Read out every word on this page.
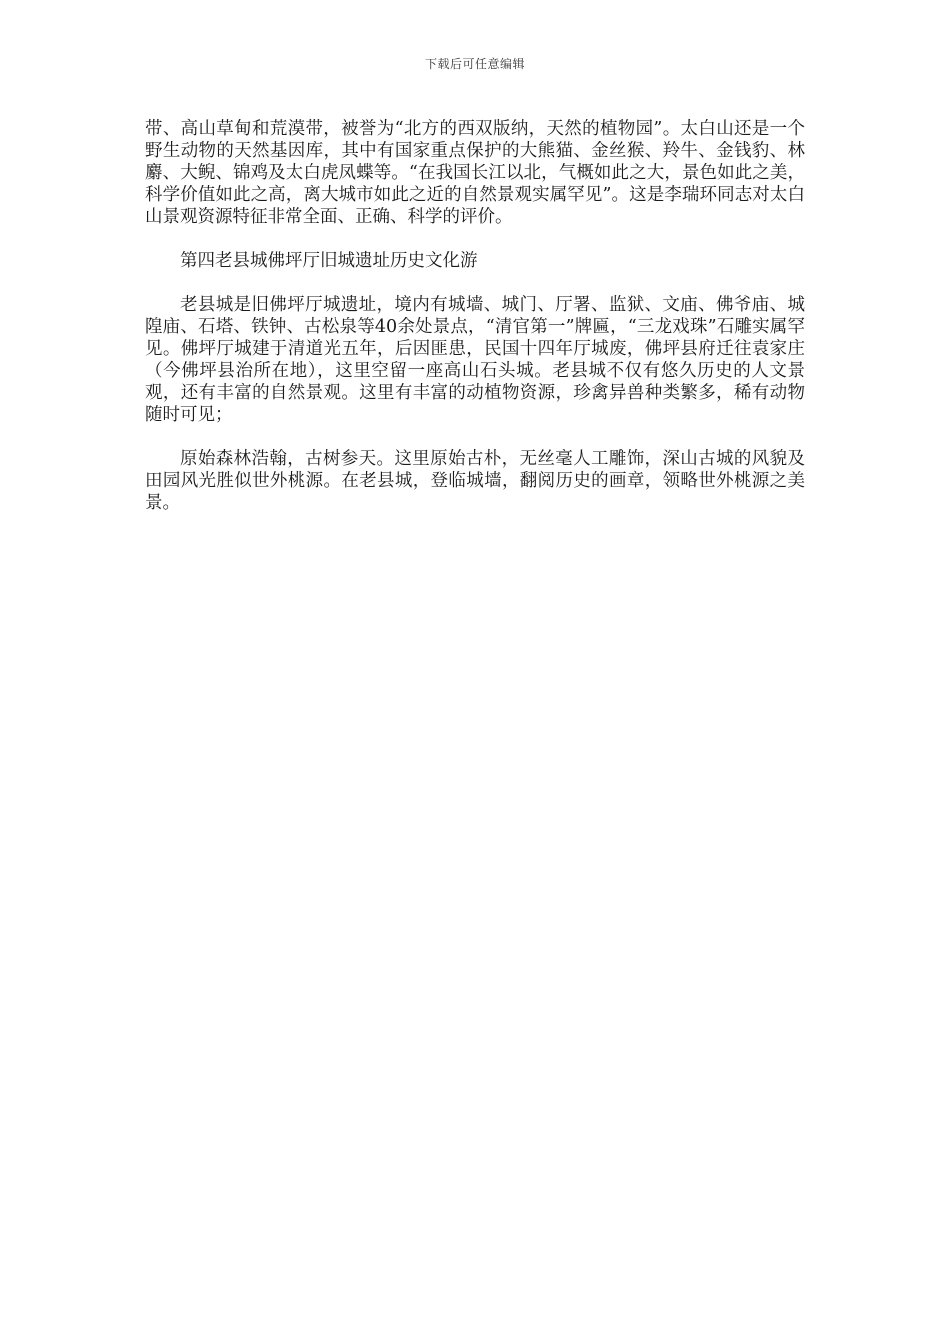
下载后可任意编辑

带、高山草甸和荒漠带，被誉为“北方的西双版纳，天然的植物园”。太白山还是一个野生动物的天然基因库，其中有国家重点保护的大熊猫、金丝猴、羚牛、金钱豹、林麝、大鲵、锦鸡及太白虎凤蝶等。“在我国长江以北，气概如此之大，景色如此之美，科学价值如此之高，离大城市如此之近的自然景观实属罕见”。这是李瑞环同志对太白山景观资源特征非常全面、正确、科学的评价。

第四老县城佛坪厅旧城遗址历史文化游

老县城是旧佛坪厅城遗址，境内有城墙、城门、厅署、监狱、文庙、佛爷庙、城隍庙、石塔、铁钟、古松泉等40余处景点，“清官第一”牌匾，“三龙戏珠”石雕实属罕见。佛坪厅城建于清道光五年，后因匪患，民国十四年厅城废，佛坪县府迁往袁家庄（今佛坪县治所在地），这里空留一座高山石头城。老县城不仅有悠久历史的人文景观，还有丰富的自然景观。这里有丰富的动植物资源，珍禽异兽种类繁多，稀有动物随时可见；

原始森林浩翰，古树参天。这里原始古朴，无丝毫人工雕饰，深山古城的风貌及田园风光胜似世外桃源。在老县城，登临城墙，翻阅历史的画章，领略世外桃源之美景。
